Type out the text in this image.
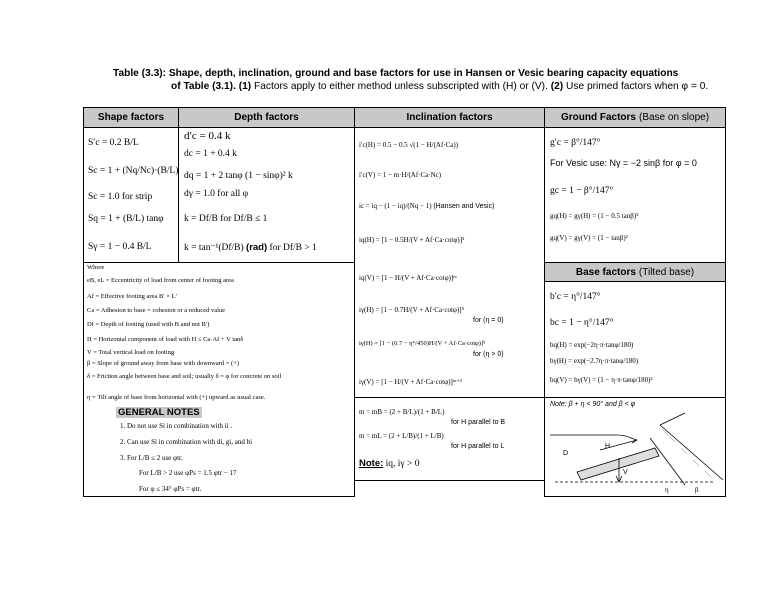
Table (3.3): Shape, depth, inclination, ground and base factors for use in Hansen or Vesic bearing capacity equations
of Table (3.1). (1) Factors apply to either method unless subscripted with (H) or (V). (2) Use primed factors when φ = 0.
Shape factors	Depth factors	Inclination factors	Ground Factors (Base on slope)
S′c = 0.2 B/L
Sc = 1 + (Nq/Nc)·(B/L)
Sc = 1.0 for strip
Sq = 1 + (B/L) tanφ
Sγ = 1 − 0.4 B/L
d′c = 0.4 k
dc = 1 + 0.4 k
dq = 1 + 2 tanφ (1 − sinφ)² k
dγ = 1.0 for all φ
k = Df/B for Df/B ≤ 1
k = tan⁻¹(Df/B) (rad) for Df/B > 1
i′c(H) = 0.5 − 0.5 √(1 − H/(Af·Ca))
i′c(V) = 1 − m·H/(Af·Ca·Nc)
ic = iq − (1 − iq)/(Nq − 1) (Hansen and Vesic)
iq(H) = [1 − 0.5H/(V + Af·Ca·cotφ)]⁵
iq(V) = [1 − H/(V + Af·Ca·cotφ)]ᵐ
iγ(H) = [1 − 0.7H/(V + Af·Ca·cotφ)]⁵
for (η = 0)
iγ(H) = [1 − (0.7 − η°/450)H/(V + Af·Ca·cotφ)]⁵
for (η > 0)
iγ(V) = [1 − H/(V + Af·Ca·cotφ)]ᵐ⁺¹
m = mB = (2 + B/L)/(1 + B/L)
for H parallel to B
m = mL = (2 + L/B)/(1 + L/B)
for H parallel to L
Note: iq, iγ > 0
g′c = β°/147°
For Vesic use: Nγ = −2 sinβ for φ = 0
gc = 1 − β°/147°
gq(H) = gγ(H) = (1 − 0.5 tanβ)⁵
gq(V) = gγ(V) = (1 − tanβ)²
Base factors (Tilted base)
b′c = η°/147°
bc = 1 − η°/147°
bq(H) = exp(−2η·π·tanφ/180)
bγ(H) = exp(−2.7η·π·tanφ/180)
bq(V) = bγ(V) = (1 − η·π·tanφ/180)²
Note: β + η < 90° and β < φ
H
D
V
β
η
Where
eB, eL = Eccentricity of load from center of footing area
Af = Effective footing area B′ × L′
Ca = Adhesion to base = cohesion or a reduced value
Df = Depth of footing (used with B and not B′)
H = Horizontal component of load with H ≤ Ca·Af + V tanδ
V = Total vertical load on footing
β = Slope of ground away from base with downward = (+)
δ = Friction angle between base and soil; usually δ = φ for concrete on soil
η = Tilt angle of base from horizontal with (+) upward as usual case.
GENERAL NOTES
1. Do not use Si in combination with ii .
2. Can use Si in combination with di, gi, and bi
3. For L/B ≤ 2 use φtr.
For L/B > 2 use φPs = 1.5 φtr − 17
For φ ≤ 34° φPs = φtr.
